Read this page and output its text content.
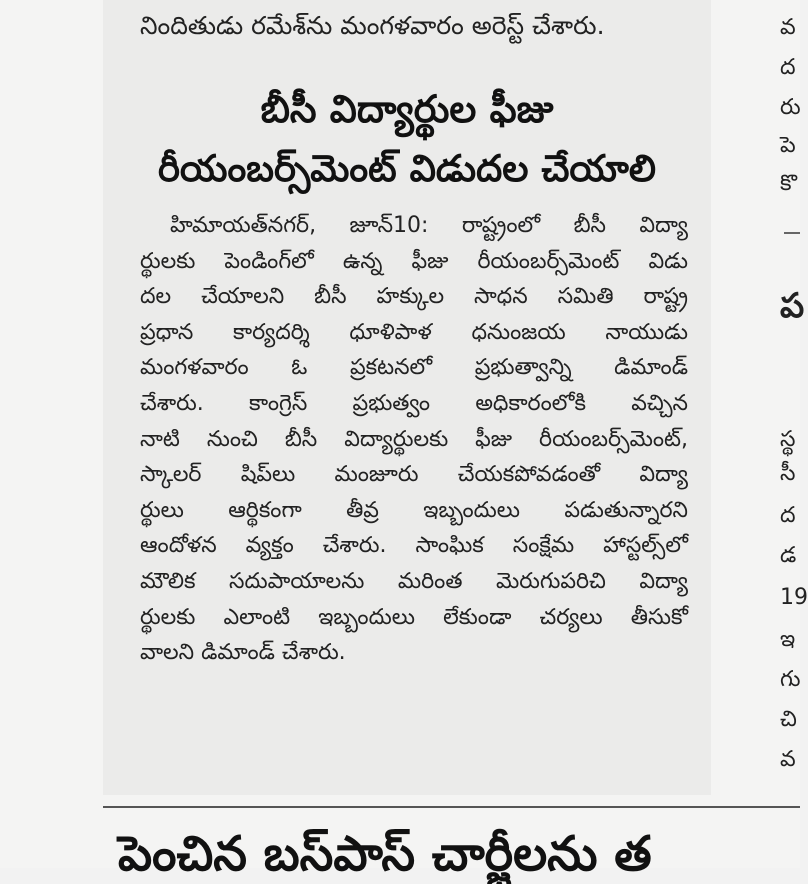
నిందితుడు రమేశ్‌ను మంగళవారం అరెస్ట్ చేశారు.
బీసీ విద్యార్థుల ఫీజు
రీయంబర్స్‌మెంట్ విడుదల చేయాలి
హిమాయత్‌నగర్, జూన్10: రాష్ట్రంలో బీసీ విద్యా
ర్థులకు పెండింగ్‌లో ఉన్న ఫీజు రీయంబర్స్‌మెంట్ విడు
దల చేయాలని బీసీ హక్కుల సాధన సమితి రాష్ట్ర
ప్రధాన కార్యదర్శి ధూళిపాళ ధనుంజయ నాయుడు
మంగళవారం ఓ ప్రకటనలో ప్రభుత్వాన్ని డిమాండ్
చేశారు. కాంగ్రెస్ ప్రభుత్వం అధికారంలోకి వచ్చిన
నాటి నుంచి బీసీ విద్యార్థులకు ఫీజు రీయంబర్స్‌మెంట్,
స్కాలర్ షిప్‌లు మంజూరు చేయకపోవడంతో విద్యా
ర్థులు ఆర్థికంగా తీవ్ర ఇబ్బందులు పడుతున్నారని
ఆందోళన వ్యక్తం చేశారు. సాంఘిక సంక్షేమ హాస్టల్స్‌లో
మౌలిక సదుపాయాలను మరింత మెరుగుపరిచి విద్యా
ర్థులకు ఎలాంటి ఇబ్బందులు లేకుండా చర్యలు తీసుకో
వాలని డిమాండ్ చేశారు.
వ
ద
రు
పె
కొ
ప
స్థ
సీ
ద
డ
19
ఇ
గు
చి
వ
పెంచిన బస్‌పాస్ చార్జీలను త
